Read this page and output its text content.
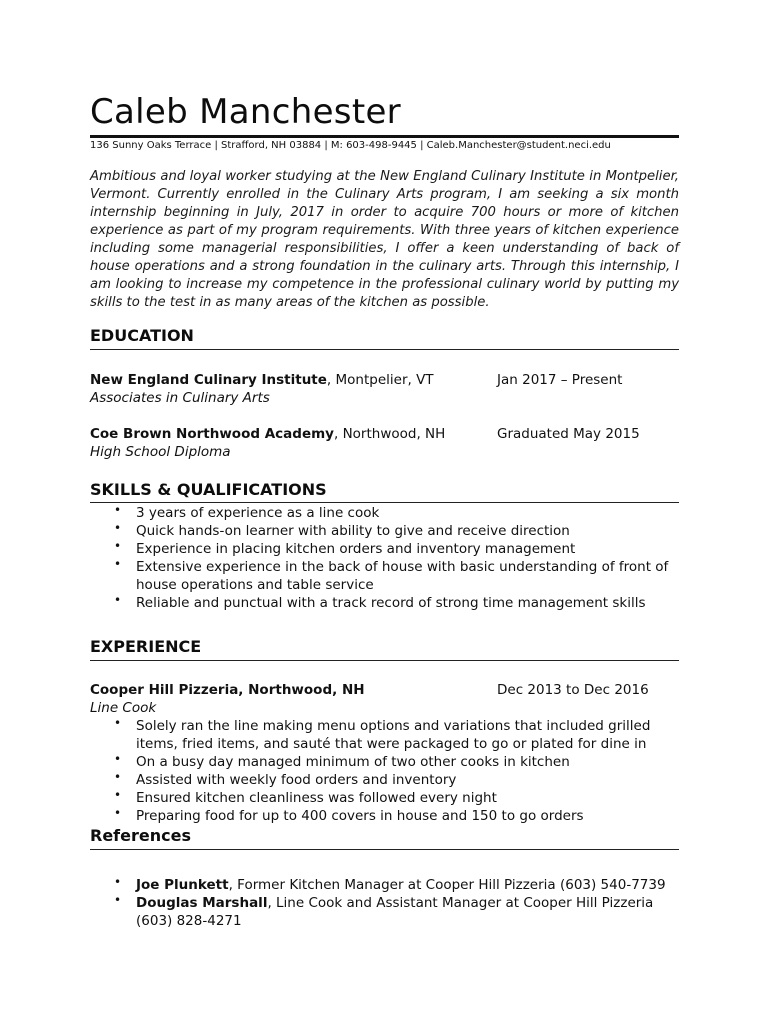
Caleb Manchester
136 Sunny Oaks Terrace | Strafford, NH 03884 | M: 603-498-9445 | Caleb.Manchester@student.neci.edu
Ambitious and loyal worker studying at the New England Culinary Institute in Montpelier, Vermont. Currently enrolled in the Culinary Arts program, I am seeking a six month internship beginning in July, 2017 in order to acquire 700 hours or more of kitchen experience as part of my program requirements. With three years of kitchen experience including some managerial responsibilities, I offer a keen understanding of back of house operations and a strong foundation in the culinary arts. Through this internship, I am looking to increase my competence in the professional culinary world by putting my skills to the test in as many areas of the kitchen as possible.
EDUCATION
New England Culinary Institute, Montpelier, VT	Jan 2017 – Present
Associates in Culinary Arts
Coe Brown Northwood Academy, Northwood, NH	Graduated May 2015
High School Diploma
SKILLS & QUALIFICATIONS
• 3 years of experience as a line cook
• Quick hands-on learner with ability to give and receive direction
• Experience in placing kitchen orders and inventory management
• Extensive experience in the back of house with basic understanding of front of house operations and table service
• Reliable and punctual with a track record of strong time management skills
EXPERIENCE
Cooper Hill Pizzeria, Northwood, NH	Dec 2013 to Dec 2016
Line Cook
• Solely ran the line making menu options and variations that included grilled items, fried items, and sauté that were packaged to go or plated for dine in
• On a busy day managed minimum of two other cooks in kitchen
• Assisted with weekly food orders and inventory
• Ensured kitchen cleanliness was followed every night
• Preparing food for up to 400 covers in house and 150 to go orders
References
• Joe Plunkett, Former Kitchen Manager at Cooper Hill Pizzeria (603) 540-7739
• Douglas Marshall, Line Cook and Assistant Manager at Cooper Hill Pizzeria (603) 828-4271
